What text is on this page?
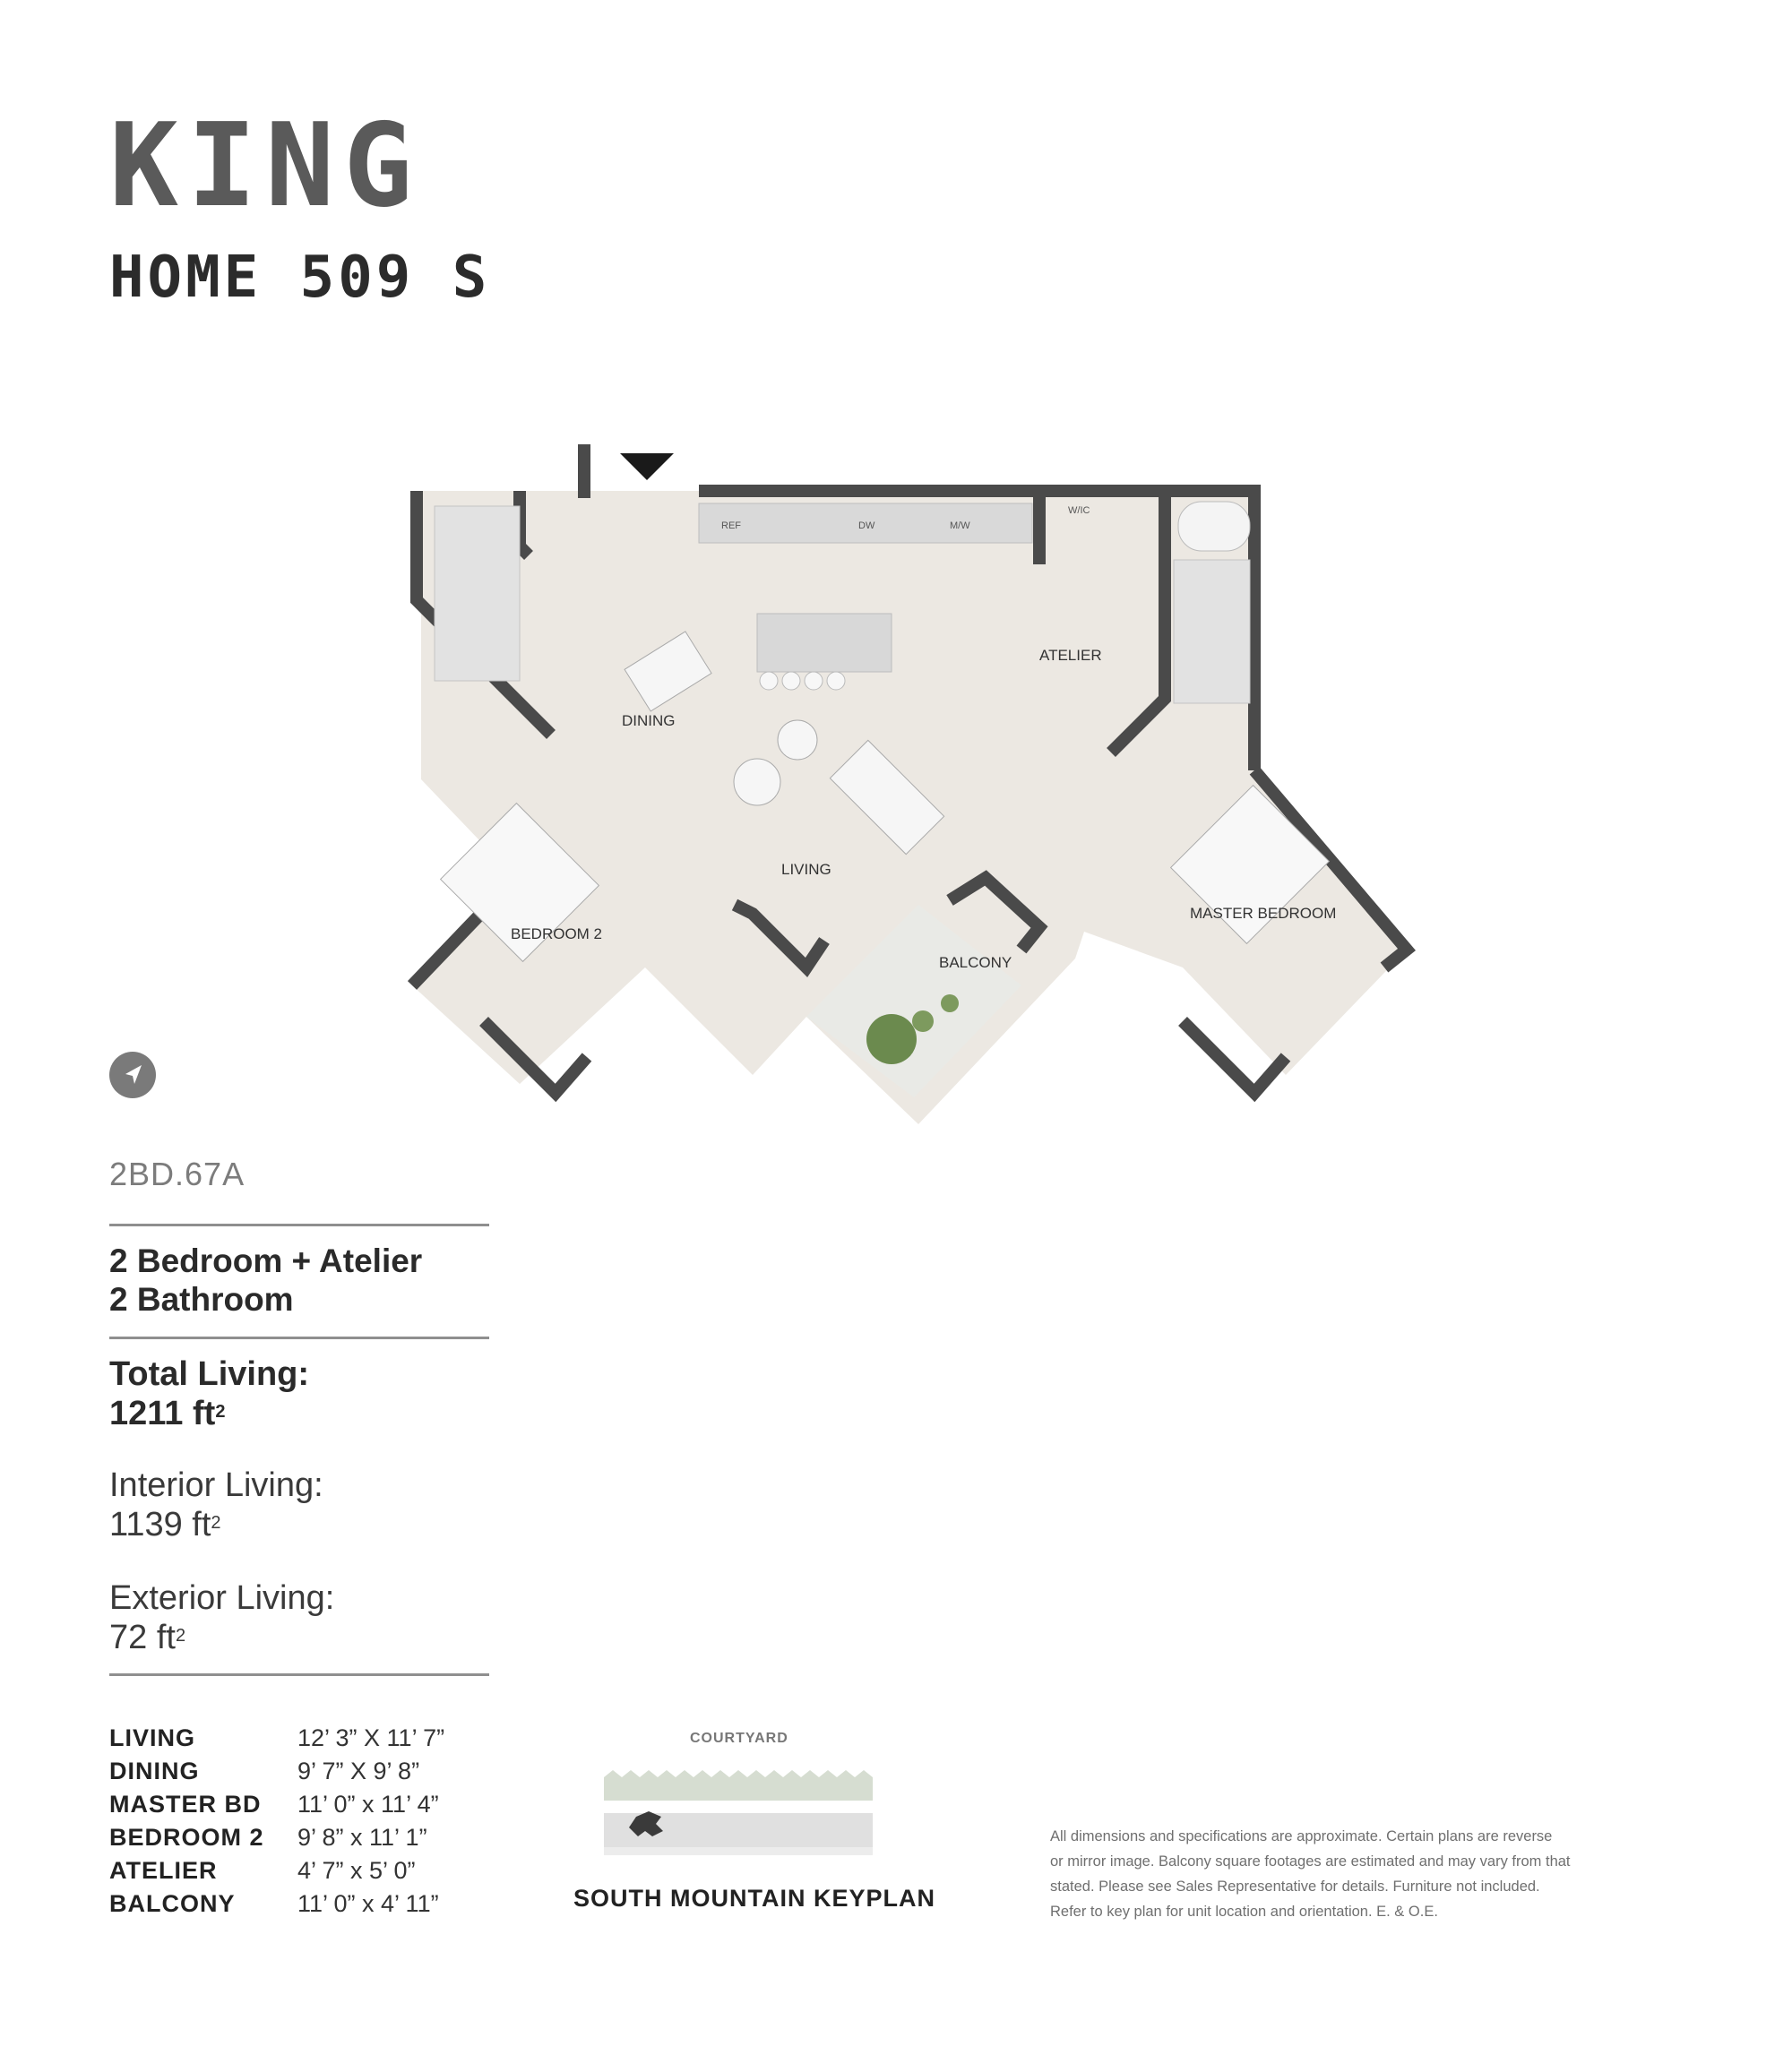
KING
HOME 509 S
DINING
LIVING
ATELIER
BEDROOM 2
MASTER BEDROOM
BALCONY
REF	DW	M/W
W/IC
2BD.67A
2 Bedroom + Atelier
2 Bathroom
Total Living:
1211 $ft^2$
Interior Living:
1139 $ft^2$
Exterior Living:
72 $ft^2$
LIVING	12’ 3” X 11’ 7”
DINING	9’ 7” X 9’ 8”
MASTER BD	11’ 0” x 11’ 4”
BEDROOM 2	9’ 8” x 11’ 1”
ATELIER	4’ 7” x 5’ 0”
BALCONY	11’ 0” x 4’ 11”
COURTYARD
SOUTH MOUNTAIN KEYPLAN
All dimensions and specifications are approximate. Certain plans are reverse
or mirror image. Balcony square footages are estimated and may vary from that
stated. Please see Sales Representative for details. Furniture not included.
Refer to key plan for unit location and orientation. E. & O.E.
